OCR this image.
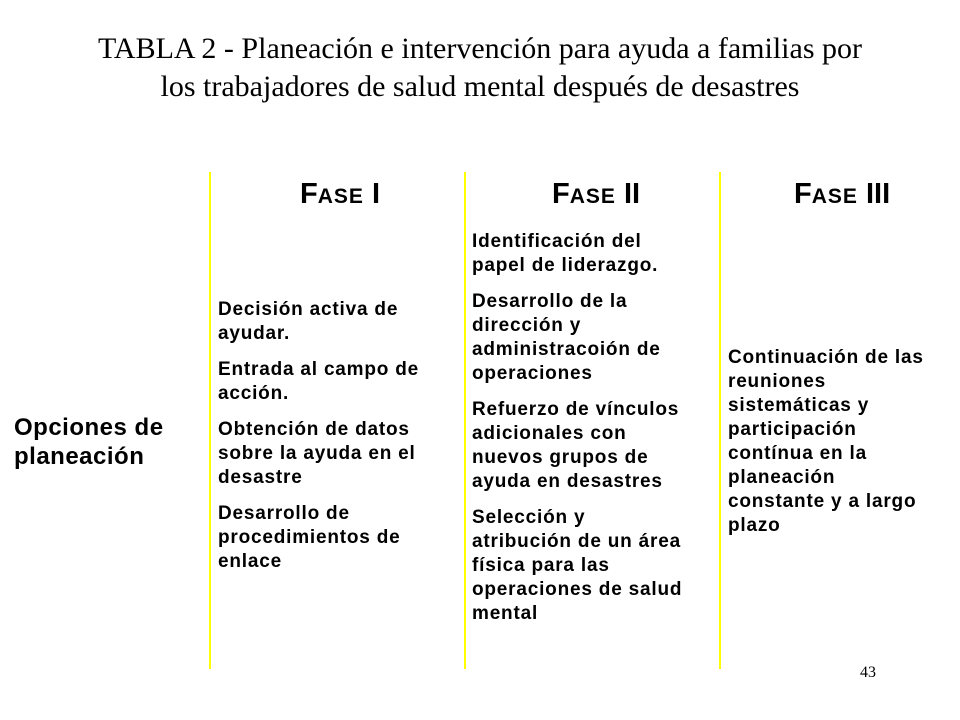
TABLA 2 - Planeación e intervención para ayuda a familias por
los trabajadores de salud mental después de desastres
FASE I	FASE II	FASE III
Opciones de
planeación
Decisión activa de
ayudar.
Entrada al campo de
acción.
Obtención de datos
sobre la ayuda en el
desastre
Desarrollo de
procedimientos de
enlace
Identificación del
papel de liderazgo.
Desarrollo de la
dirección y
administracoión de
operaciones
Refuerzo de vínculos
adicionales con
nuevos grupos de
ayuda en desastres
Selección y
atribución de un área
física para las
operaciones de salud
mental
Continuación de las
reuniones
sistemáticas y
participación
contínua en la
planeación
constante y a largo
plazo
43
